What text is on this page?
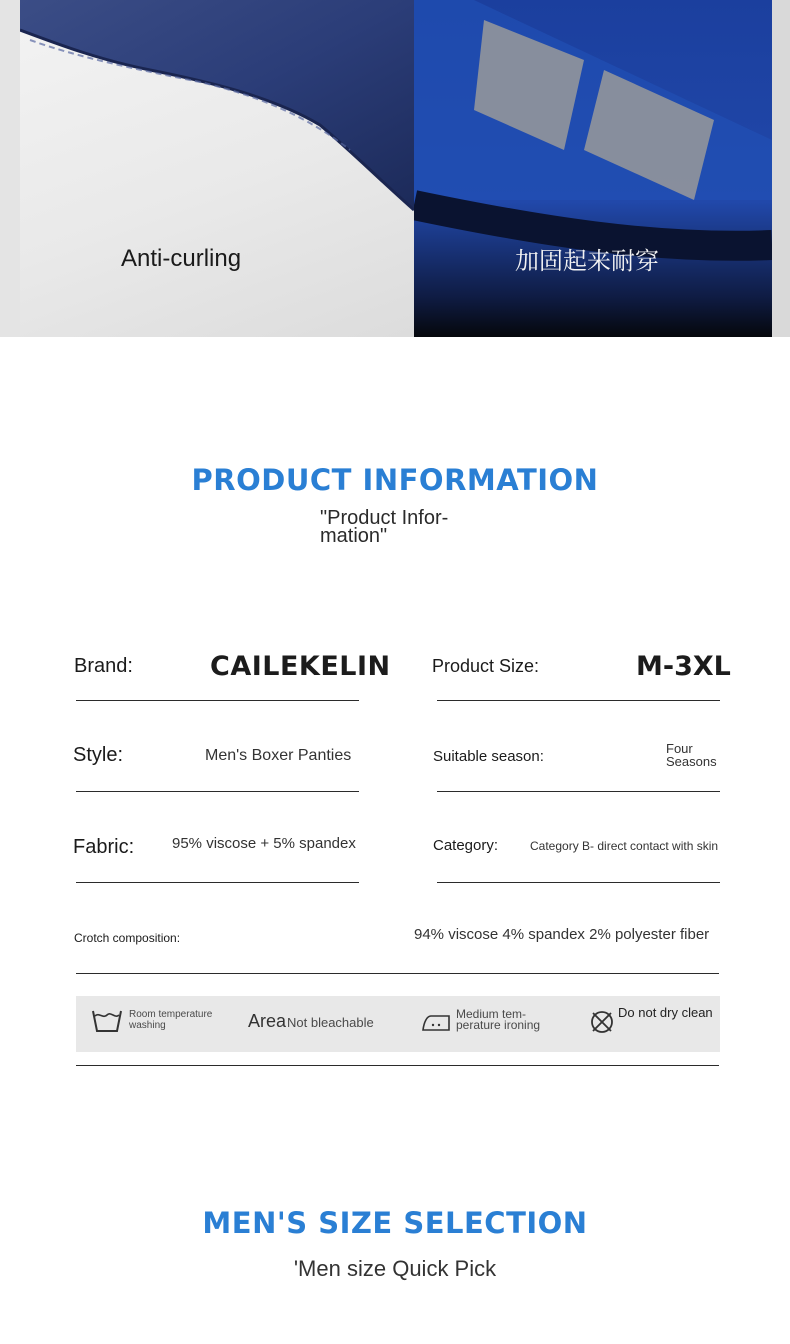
Anti-curling	加固起来耐穿
PRODUCT INFORMATION
"Product Infor- mation"
Brand:	CAILEKELIN Product Size:	M-3XL
Style:	Men's Boxer Panties	Suitable season:	Four Seasons
Fabric:	95% viscose + 5% spandex	Category:	Category B- direct contact with skin
Crotch composition:	94% viscose 4% spandex 2% polyester fiber
Room temperature washing	Area Not bleachable
Medium tem- perature ironing
Do not dry clean
MEN'S SIZE SELECTION
'Men size Quick Pick
